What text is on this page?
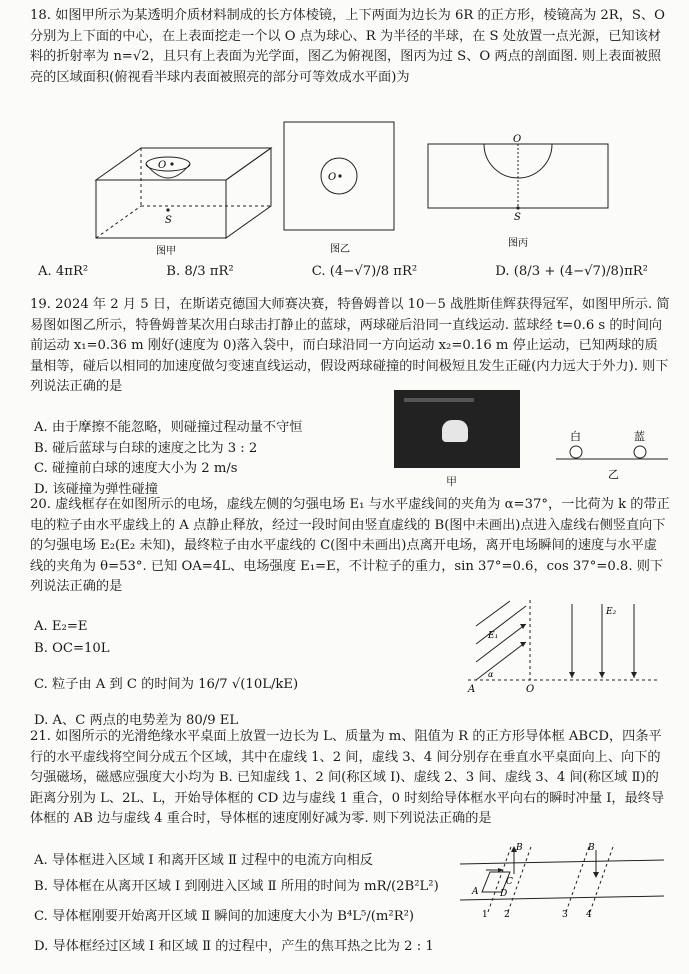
18. 如图甲所示为某透明介质材料制成的长方体棱镜，上下两面为边长为 6R 的正方形，棱镜高为 2R，S、O 分别为上下面的中心，在上表面挖走一个以 O 点为球心、R 为半径的半球，在 S 处放置一点光源，已知该材料的折射率为 n=√2，且只有上表面为光学面，图乙为俯视图，图丙为过 S、O 两点的剖面图. 则上表面被照亮的区域面积(俯视看半球内表面被照亮的部分可等效成水平面)为

O
S
图甲
O
图乙
O
S
图丙
A. 4πR²	B. 8/3 πR²	C. (4−√7)/8 πR²	D. (8/3 + (4−√7)/8)πR²

19. 2024 年 2 月 5 日，在斯诺克德国大师赛决赛，特鲁姆普以 10－5 战胜斯佳辉获得冠军，如图甲所示. 简易图如图乙所示，特鲁姆普某次用白球击打静止的蓝球，两球碰后沿同一直线运动. 蓝球经 t=0.6 s 的时间向前运动 x₁=0.36 m 刚好(速度为 0)落入袋中，而白球沿同一方向运动 x₂=0.16 m 停止运动，已知两球的质量相等，碰后以相同的加速度做匀变速直线运动，假设两球碰撞的时间极短且发生正碰(内力远大于外力). 则下列说法正确的是

A. 由于摩擦不能忽略，则碰撞过程动量不守恒
B. 碰后蓝球与白球的速度之比为 3 : 2
C. 碰撞前白球的速度大小为 2 m/s
D. 该碰撞为弹性碰撞	甲
白	蓝
乙

20. 虚线框存在如图所示的电场，虚线左侧的匀强电场 E₁ 与水平虚线间的夹角为 α=37°，一比荷为 k 的带正电的粒子由水平虚线上的 A 点静止释放，经过一段时间由竖直虚线的 B(图中未画出)点进入虚线右侧竖直向下的匀强电场 E₂(E₂ 未知)，最终粒子由水平虚线的 C(图中未画出)点离开电场，离开电场瞬间的速度与水平虚线的夹角为 θ=53°. 已知 OA=4L、电场强度 E₁=E，不计粒子的重力，sin 37°=0.6，cos 37°=0.8. 则下列说法正确的是

A. E₂=E
B. OC=10L
C. 粒子由 A 到 C 的时间为 16/7 √(10L/kE)
D. A、C 两点的电势差为 80/9 EL
E₁
E₂
α
A	O

21. 如图所示的光滑绝缘水平桌面上放置一边长为 L、质量为 m、阻值为 R 的正方形导体框 ABCD，四条平行的水平虚线将空间分成五个区域，其中在虚线 1、2 间，虚线 3、4 间分别存在垂直水平桌面向上、向下的匀强磁场，磁感应强度大小均为 B. 已知虚线 1、2 间(称区域 Ⅰ)、虚线 2、3 间、虚线 3、4 间(称区域 Ⅱ)的距离分别为 L、2L、L，开始导体框的 CD 边与虚线 1 重合，0 时刻给导体框水平向右的瞬时冲量 I，最终导体框的 AB 边与虚线 4 重合时，导体框的速度刚好减为零. 则下列说法正确的是

A. 导体框进入区域 Ⅰ 和离开区域 Ⅱ 过程中的电流方向相反
B. 导体框在从离开区域 Ⅰ 到刚进入区域 Ⅱ 所用的时间为 mR/(2B²L²)
C. 导体框刚要开始离开区域 Ⅱ 瞬间的加速度大小为 B⁴L⁵/(m²R²)
D. 导体框经过区域 Ⅰ 和区域 Ⅱ 的过程中，产生的焦耳热之比为 2 : 1
A
C
D
B	B
1 2	3 4
